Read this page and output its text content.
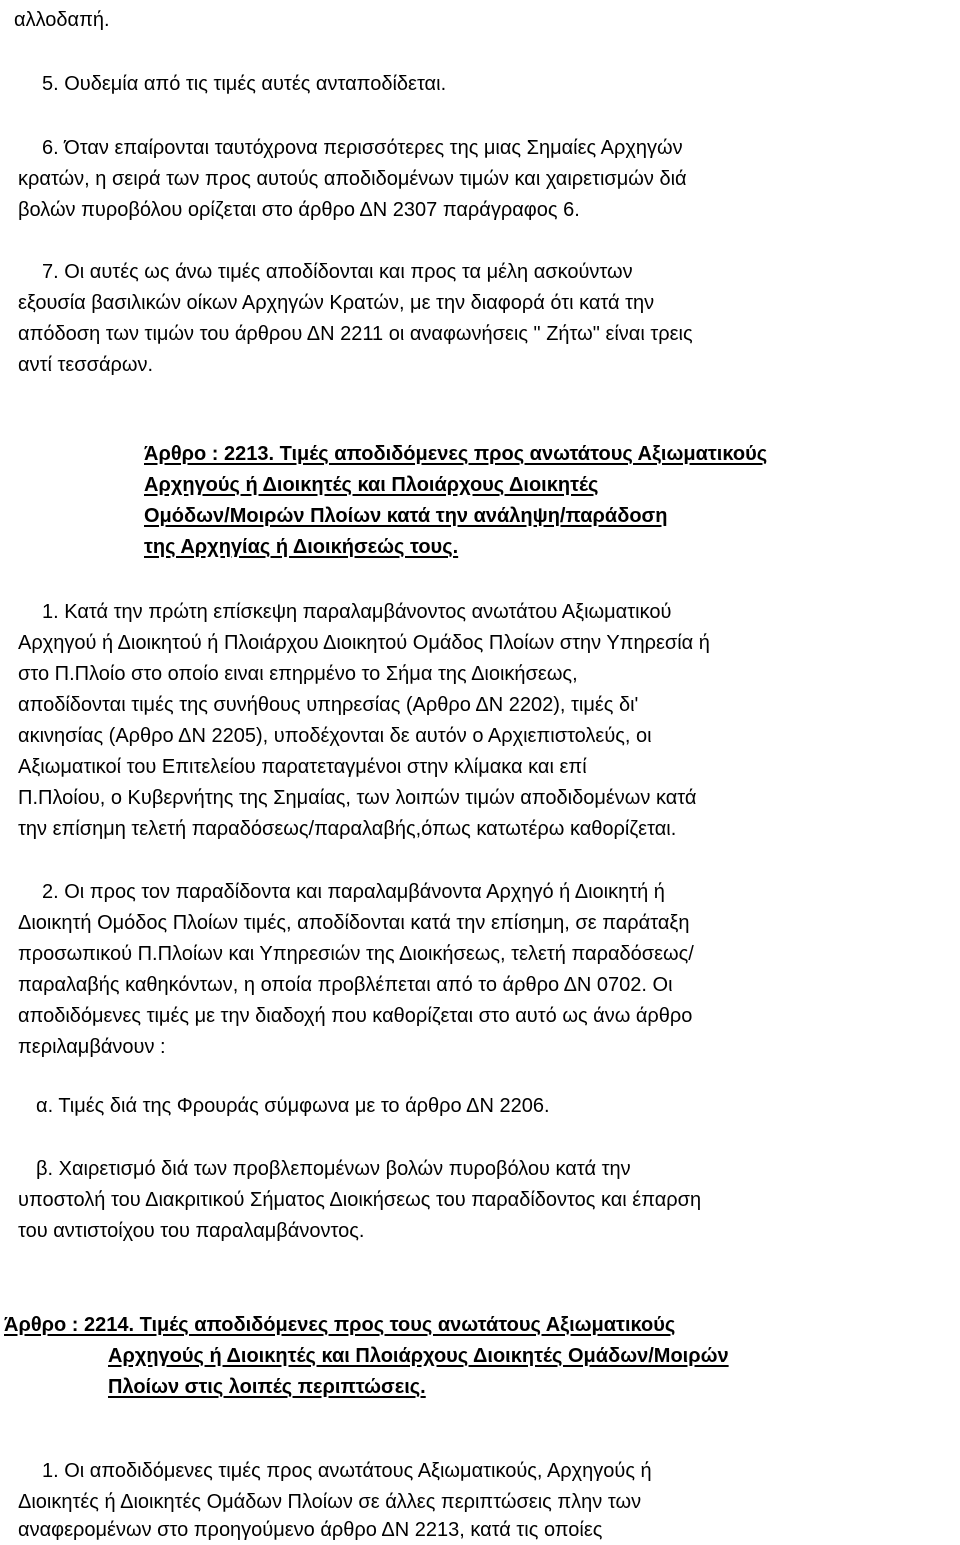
αλλοδαπή.
5. Ουδεμία από τις τιμές αυτές ανταποδίδεται.
6. Όταν επαίρονται ταυτόχρονα περισσότερες της μιας Σημαίες Αρχηγών
κρατών, η σειρά των προς αυτούς αποδιδομένων τιμών και χαιρετισμών διά
βολών πυροβόλου ορίζεται στο άρθρο ΔΝ 2307 παράγραφος 6.
7. Οι αυτές ως άνω τιμές αποδίδονται και προς τα μέλη ασκούντων
εξουσία βασιλικών οίκων Αρχηγών Κρατών, με την διαφορά ότι κατά την
απόδοση των τιμών του άρθρου ΔΝ 2211 οι αναφωνήσεις " Ζήτω" είναι τρεις
αντί τεσσάρων.
Άρθρο : 2213. Τιμές αποδιδόμενες προς ανωτάτους Αξιωματικούς
Αρχηγούς ή Διοικητές και Πλοιάρχους Διοικητές
Ομόδων/Μοιρών Πλοίων κατά την ανάληψη/παράδοση
της Αρχηγίας ή Διοικήσεώς τους.
1. Κατά την πρώτη επίσκεψη παραλαμβάνοντος ανωτάτου Αξιωματικού
Αρχηγού ή Διοικητού ή Πλοιάρχου Διοικητού Ομάδος Πλοίων στην Υπηρεσία ή
στο Π.Πλοίο στο οποίο ειναι επηρμένο το Σήμα της Διοικήσεως,
αποδίδονται τιμές της συνήθους υπηρεσίας (Αρθρο ΔΝ 2202), τιμές δι'
ακινησίας (Αρθρο ΔΝ 2205), υποδέχονται δε αυτόν ο Αρχιεπιστολεύς, οι
Αξιωματικοί του Επιτελείου παρατεταγμένοι στην κλίμακα και επί
Π.Πλοίου, ο Κυβερνήτης της Σημαίας, των λοιπών τιμών αποδιδομένων κατά
την επίσημη τελετή παραδόσεως/παραλαβής,όπως κατωτέρω καθορίζεται.
2. Οι προς τον παραδίδοντα και παραλαμβάνοντα Αρχηγό ή Διοικητή ή
Διοικητή Ομόδος Πλοίων τιμές, αποδίδονται κατά την επίσημη, σε παράταξη
προσωπικού Π.Πλοίων και Υπηρεσιών της Διοικήσεως, τελετή παραδόσεως/
παραλαβής καθηκόντων, η οποία προβλέπεται από το άρθρο ΔΝ 0702. Οι
αποδιδόμενες τιμές με την διαδοχή που καθορίζεται στο αυτό ως άνω άρθρο
περιλαμβάνουν :
α. Τιμές διά της Φρουράς σύμφωνα με το άρθρο ΔΝ 2206.
β. Χαιρετισμό διά των προβλεπομένων βολών πυροβόλου κατά την
υποστολή του Διακριτικού Σήματος Διοικήσεως του παραδίδοντος και έπαρση
του αντιστοίχου του παραλαμβάνοντος.
Άρθρο : 2214. Τιμές αποδιδόμενες προς τους ανωτάτους Αξιωματικούς
Αρχηγούς ή Διοικητές και Πλοιάρχους Διοικητές Ομάδων/Μοιρών
Πλοίων στις λοιπές περιπτώσεις.
1. Οι αποδιδόμενες τιμές προς ανωτάτους Αξιωματικούς, Αρχηγούς ή
Διοικητές ή Διοικητές Ομάδων Πλοίων σε άλλες περιπτώσεις πλην των
αναφερομένων στο προηγούμενο άρθρο ΔΝ 2213, κατά τις οποίες
